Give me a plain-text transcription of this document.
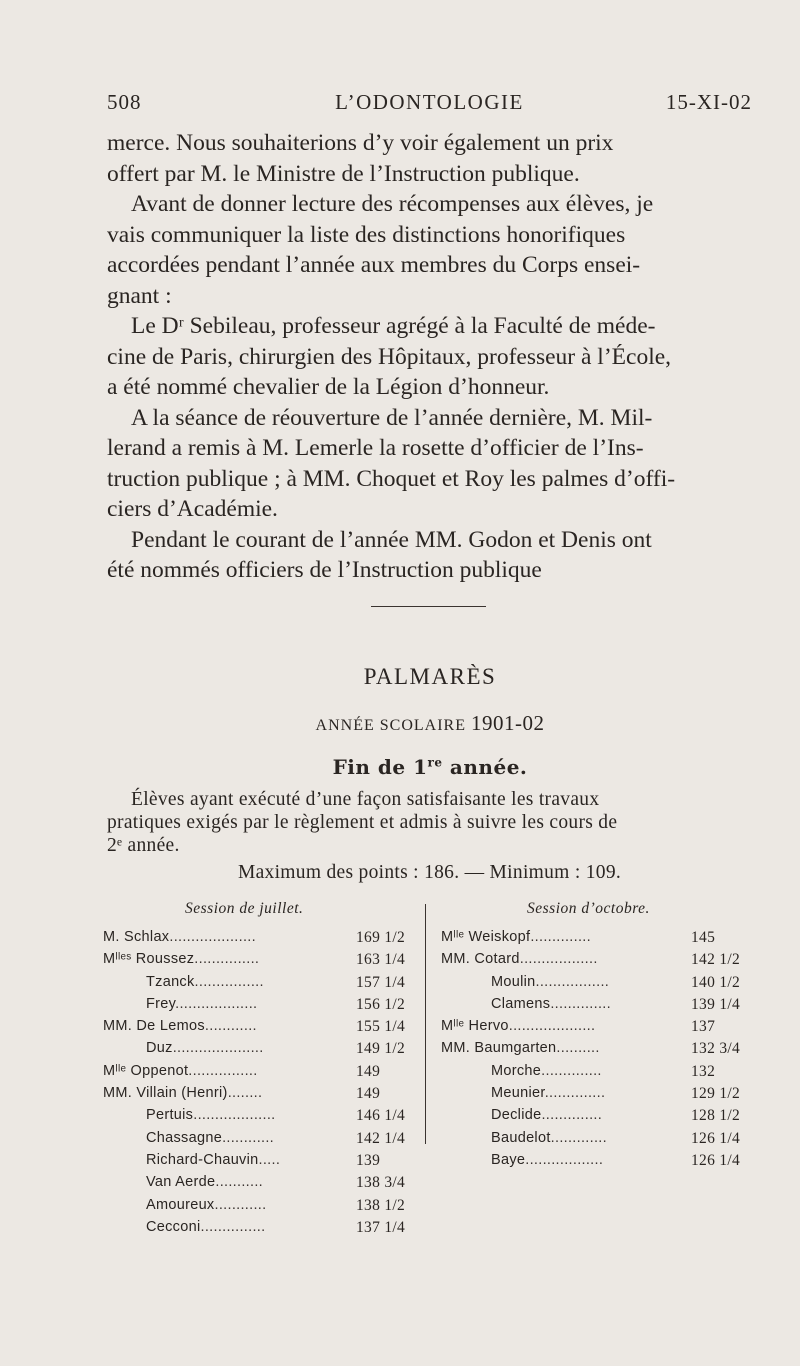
508	L’ODONTOLOGIE	15-XI-02

merce. Nous souhaiterions d’y voir également un prix

offert par M. le Ministre de l’Instruction publique.

Avant de donner lecture des récompenses aux élèves, je

vais communiquer la liste des distinctions honorifiques

accordées pendant l’année aux membres du Corps ensei-

gnant :

Le Dʳ Sebileau, professeur agrégé à la Faculté de méde-

cine de Paris, chirurgien des Hôpitaux, professeur à l’École,

a été nommé chevalier de la Légion d’honneur.

A la séance de réouverture de l’année dernière, M. Mil-

lerand a remis à M. Lemerle la rosette d’officier de l’Ins-

truction publique ; à MM. Choquet et Roy les palmes d’offi-

ciers d’Académie.

Pendant le courant de l’année MM. Godon et Denis ont

été nommés officiers de l’Instruction publique

PALMARÈS
ANNÉE SCOLAIRE 1901-02
Fin de 1re année.

Élèves ayant exécuté d’une façon satisfaisante les travaux

pratiques exigés par le règlement et admis à suivre les cours de

2ᵉ année.

Maximum des points : 186. — Minimum : 109.

Session de juillet.	Session d’octobre.
M. Schlax....................	169 1/2
Mˡˡᵉˢ Roussez...............	163 1/4
Tzanck................	157 1/4
Frey...................	156 1/2
MM. De Lemos............	155 1/4
Duz.....................	149 1/2
Mˡˡᵉ Oppenot................	149
MM. Villain (Henri)........	149
Pertuis...................	146 1/4
Chassagne............	142 1/4
Richard-Chauvin.....	139
Van Aerde...........	138 3/4
Amoureux............	138 1/2
Cecconi...............	137 1/4
Mˡˡᵉ Weiskopf..............	145
MM. Cotard..................	142 1/2
Moulin.................	140 1/2
Clamens..............	139 1/4
Mˡˡᵉ Hervo....................	137
MM. Baumgarten..........	132 3/4
Morche..............	132
Meunier..............	129 1/2
Declide..............	128 1/2
Baudelot.............	126 1/4
Baye..................	126 1/4
